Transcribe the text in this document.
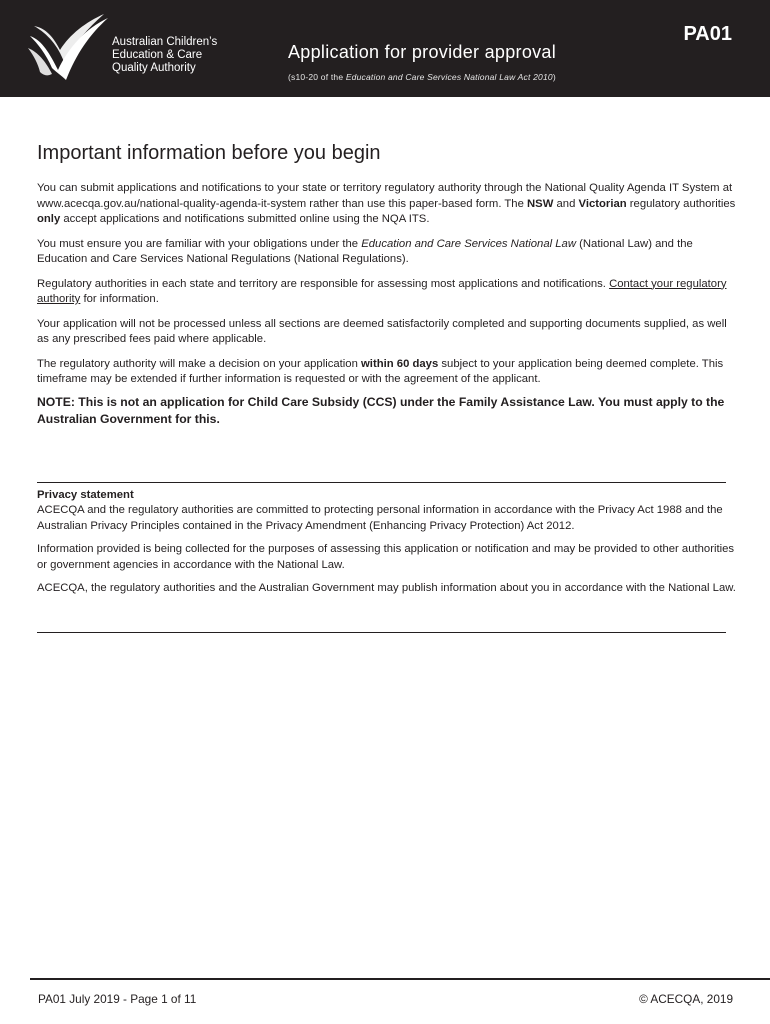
Australian Children’s
Education & Care
Quality Authority
Application for provider approval
(s10-20 of the Education and Care Services National Law Act 2010)
PA01
Important information before you begin

You can submit applications and notifications to your state or territory regulatory authority through the National Quality Agenda IT System at www.acecqa.gov.au/national-quality-agenda-it-system rather than use this paper-based form. The NSW and Victorian regulatory authorities only accept applications and notifications submitted online using the NQA ITS.

You must ensure you are familiar with your obligations under the Education and Care Services National Law (National Law) and the Education and Care Services National Regulations (National Regulations).

Regulatory authorities in each state and territory are responsible for assessing most applications and notifications. Contact your regulatory authority for information.

Your application will not be processed unless all sections are deemed satisfactorily completed and supporting documents supplied, as well as any prescribed fees paid where applicable.

The regulatory authority will make a decision on your application within 60 days subject to your application being deemed complete. This timeframe may be extended if further information is requested or with the agreement of the applicant.

NOTE: This is not an application for Child Care Subsidy (CCS) under the Family Assistance Law. You must apply to the Australian Government for this.

Privacy statement

ACECQA and the regulatory authorities are committed to protecting personal information in accordance with the Privacy Act 1988 and the Australian Privacy Principles contained in the Privacy Amendment (Enhancing Privacy Protection) Act 2012.

Information provided is being collected for the purposes of assessing this application or notification and may be provided to other authorities or government agencies in accordance with the National Law.

ACECQA, the regulatory authorities and the Australian Government may publish information about you in accordance with the National Law.

PA01 July 2019 - Page 1 of 11	© ACECQA, 2019
